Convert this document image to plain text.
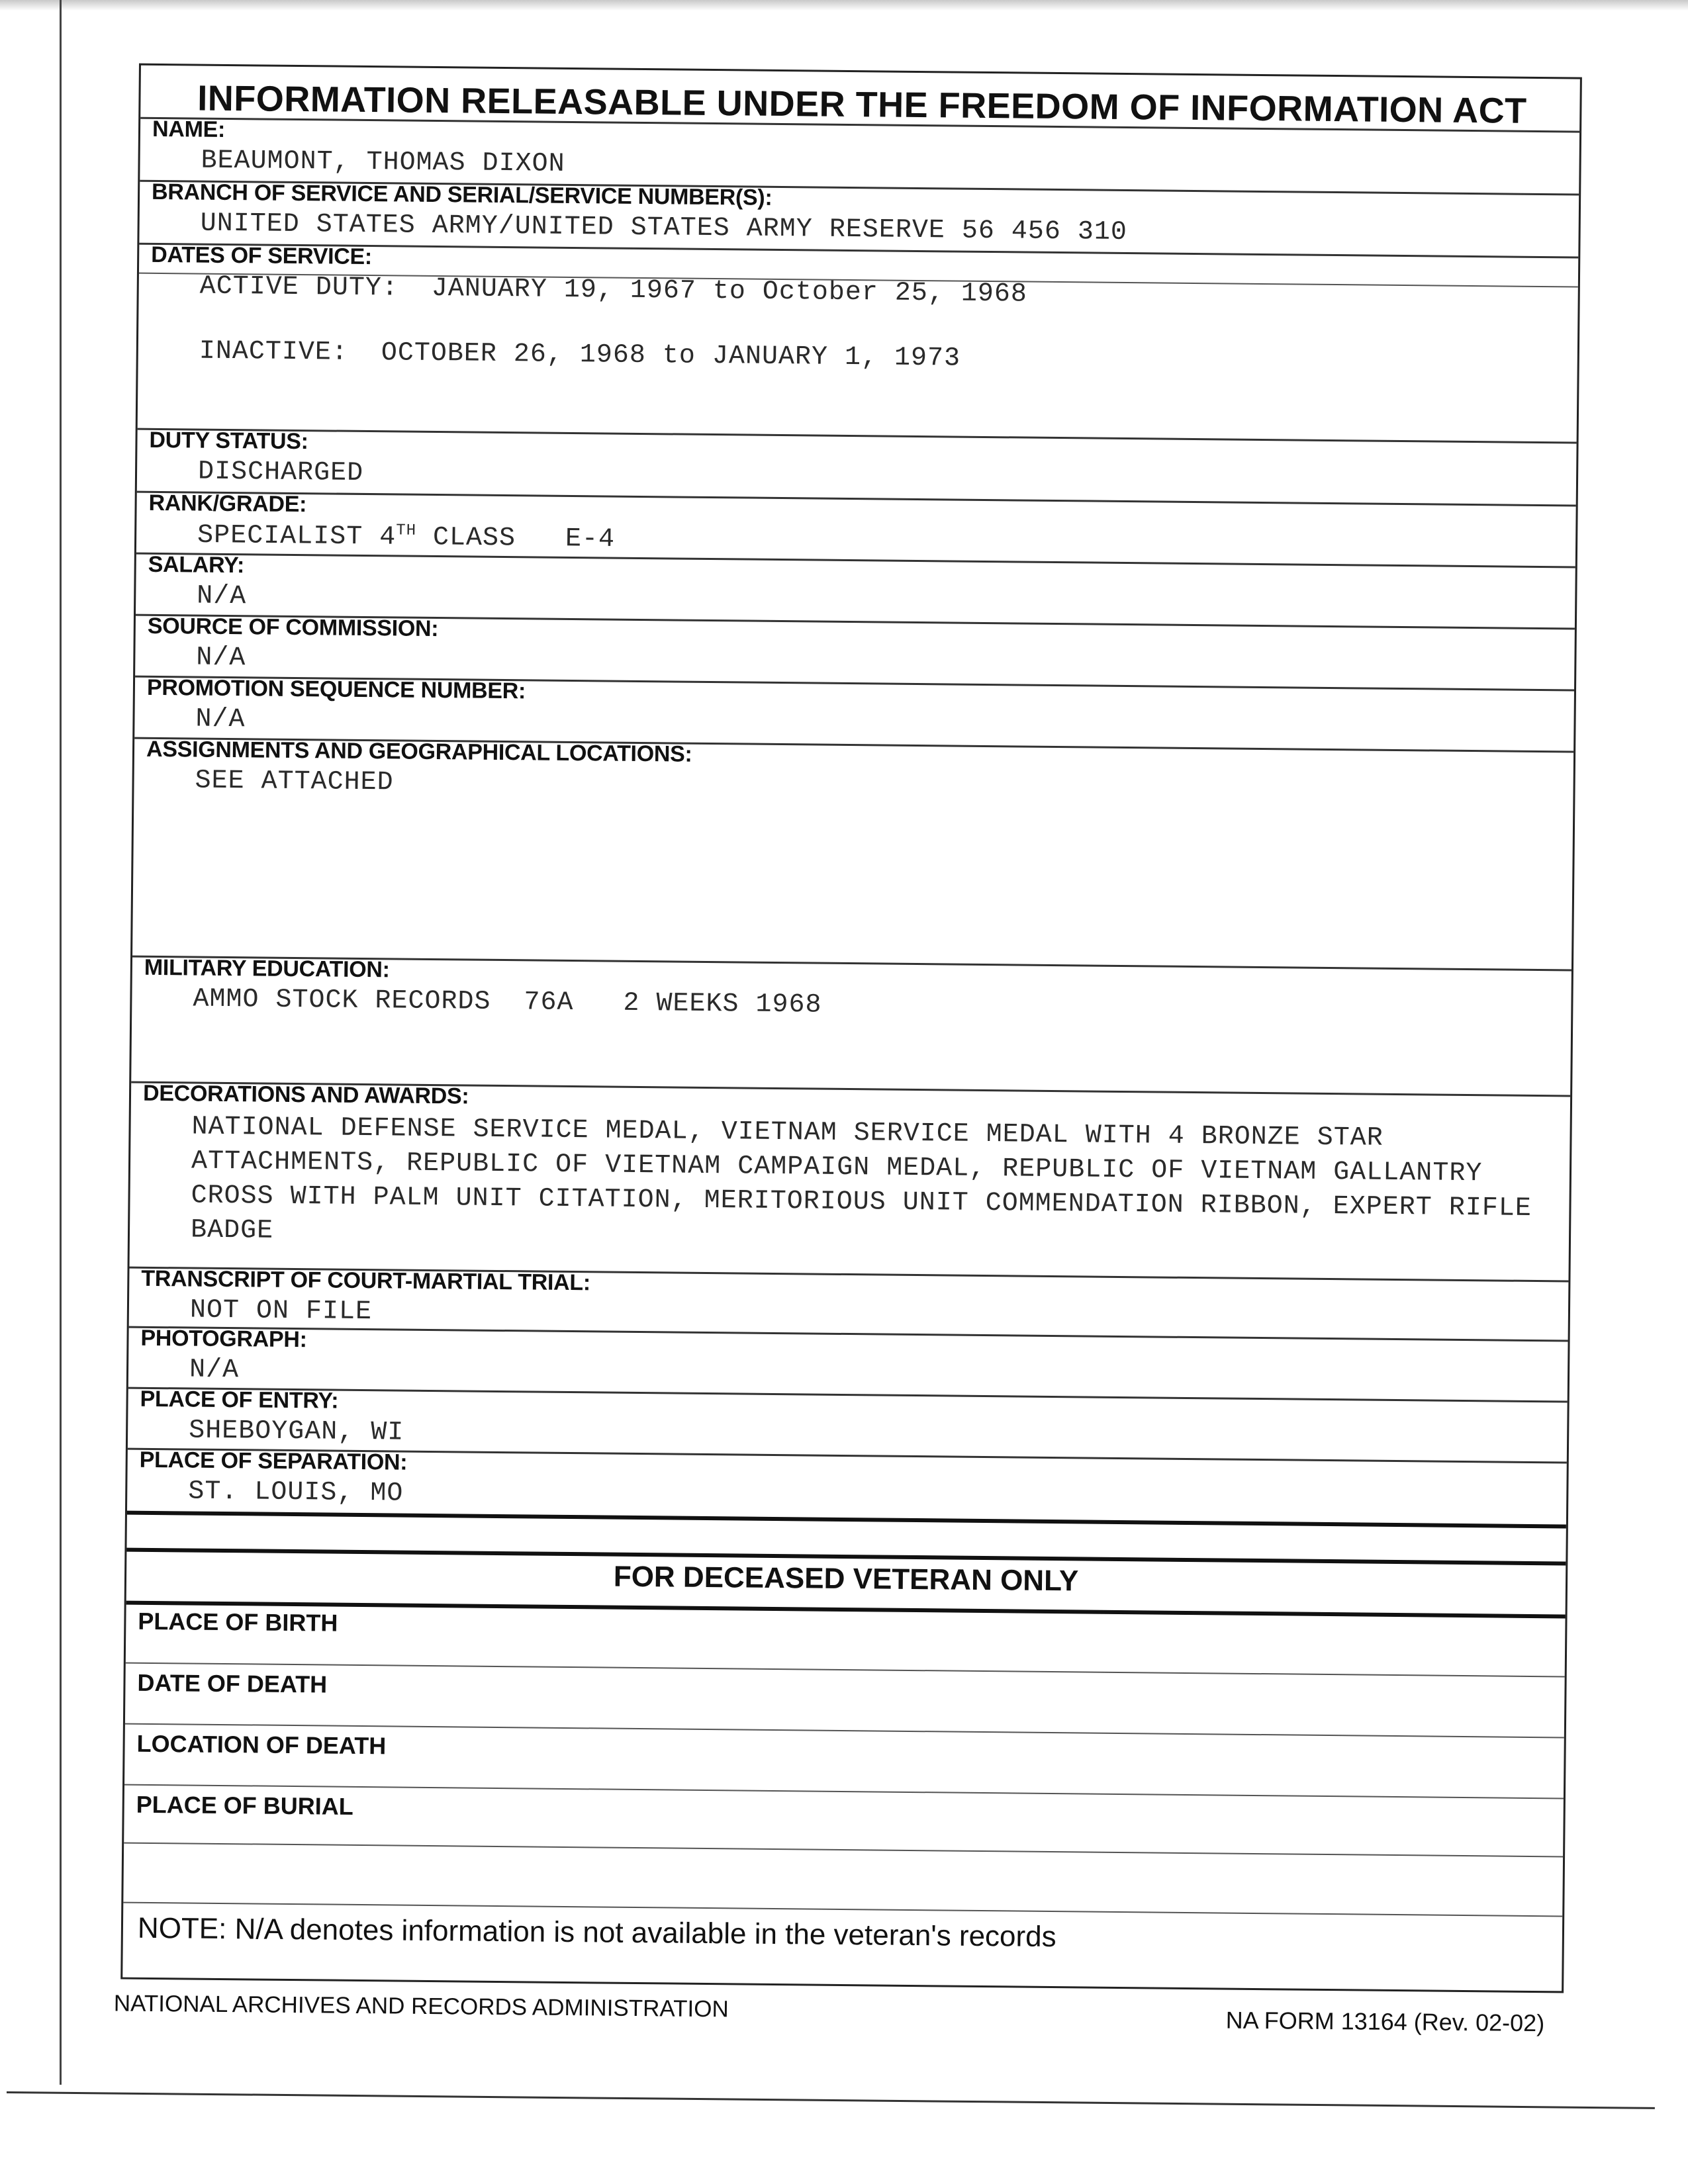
INFORMATION RELEASABLE UNDER THE FREEDOM OF INFORMATION ACT
NAME:
BEAUMONT, THOMAS DIXON
BRANCH OF SERVICE AND SERIAL/SERVICE NUMBER(S):
UNITED STATES ARMY/UNITED STATES ARMY RESERVE 56 456 310
DATES OF SERVICE:
ACTIVE DUTY:  JANUARY 19, 1967 to October 25, 1968
INACTIVE:  OCTOBER 26, 1968 to JANUARY 1, 1973
DUTY STATUS:
DISCHARGED
RANK/GRADE:
SPECIALIST 4TH CLASS   E-4
SALARY:
N/A
SOURCE OF COMMISSION:
N/A
PROMOTION SEQUENCE NUMBER:
N/A
ASSIGNMENTS AND GEOGRAPHICAL LOCATIONS:
SEE ATTACHED
MILITARY EDUCATION:
AMMO STOCK RECORDS  76A   2 WEEKS 1968
DECORATIONS AND AWARDS:
NATIONAL DEFENSE SERVICE MEDAL, VIETNAM SERVICE MEDAL WITH 4 BRONZE STAR ATTACHMENTS, REPUBLIC OF VIETNAM CAMPAIGN MEDAL, REPUBLIC OF VIETNAM GALLANTRY CROSS WITH PALM UNIT CITATION, MERITORIOUS UNIT COMMENDATION RIBBON, EXPERT RIFLE BADGE
TRANSCRIPT OF COURT-MARTIAL TRIAL:
NOT ON FILE
PHOTOGRAPH:
N/A
PLACE OF ENTRY:
SHEBOYGAN, WI
PLACE OF SEPARATION:
ST. LOUIS, MO
FOR DECEASED VETERAN ONLY
PLACE OF BIRTH
DATE OF DEATH
LOCATION OF DEATH
PLACE OF BURIAL
NOTE: N/A denotes information is not available in the veteran's records
NATIONAL ARCHIVES AND RECORDS ADMINISTRATION	NA FORM 13164 (Rev. 02-02)
